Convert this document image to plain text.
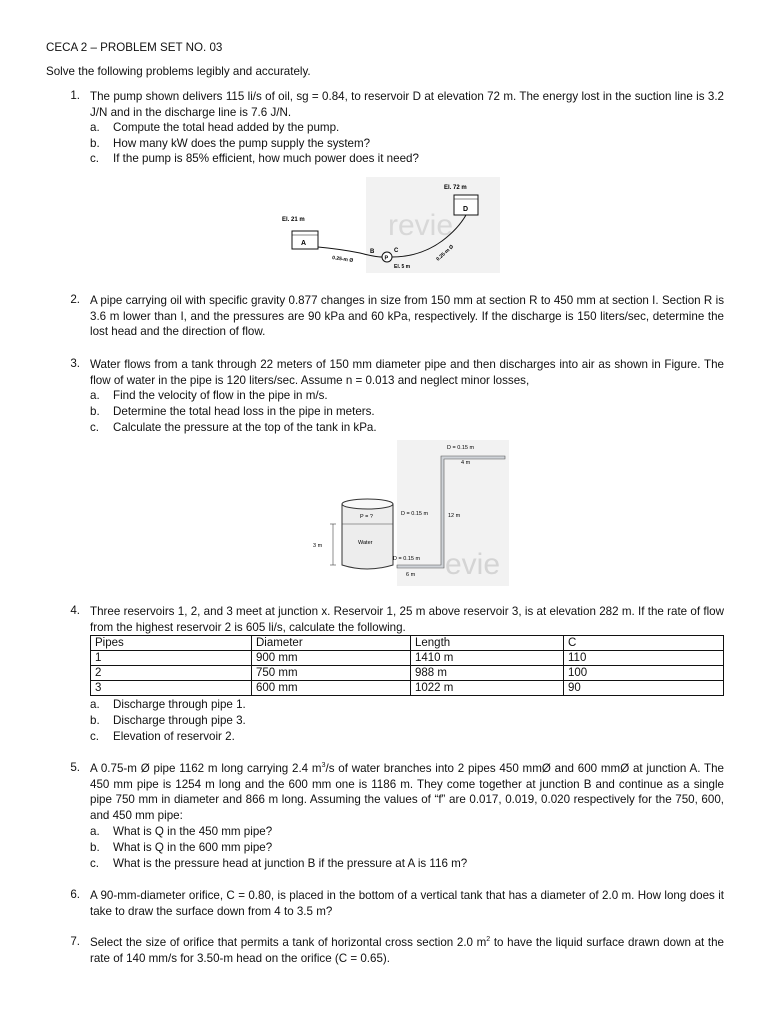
CECA 2 – PROBLEM SET NO. 03
Solve the following problems legibly and accurately.
1. The pump shown delivers 115 li/s of oil, sg = 0.84, to reservoir D at elevation 72 m. The energy lost in the suction line is 3.2 J/N and in the discharge line is 7.6 J/N.
a. Compute the total head added by the pump.
b. How many kW does the pump supply the system?
c. If the pump is 85% efficient, how much power does it need?
revie
El. 72 m
D
El. 21 m
A
P
B	C
0.25-m Ø
El. 5 m
0.25-m Ø
2. A pipe carrying oil with specific gravity 0.877 changes in size from 150 mm at section R to 450 mm at section I. Section R is 3.6 m lower than I, and the pressures are 90 kPa and 60 kPa, respectively. If the discharge is 150 liters/sec, determine the lost head and the direction of flow.
3. Water flows from a tank through 22 meters of 150 mm diameter pipe and then discharges into air as shown in Figure. The flow of water in the pipe is 120 liters/sec. Assume n = 0.013 and neglect minor losses,
a. Find the velocity of flow in the pipe in m/s.
b. Determine the total head loss in the pipe in meters.
c. Calculate the pressure at the top of the tank in kPa.
evie
D = 0.15 m
4 m
D = 0.15 m	12 m
D = 0.15 m
6 m
P = ?
Water
3 m
4. Three reservoirs 1, 2, and 3 meet at junction x. Reservoir 1, 25 m above reservoir 3, is at elevation 282 m. If the rate of flow from the highest reservoir 2 is 605 li/s, calculate the following.
Pipes	Diameter	Length	C
1	900 mm	1410 m	110
2	750 mm	988 m	100
3	600 mm	1022 m	90
a. Discharge through pipe 1.
b. Discharge through pipe 3.
c. Elevation of reservoir 2.
5. A 0.75-m Ø pipe 1162 m long carrying 2.4 $m^3/s$ of water branches into 2 pipes 450 mmØ and 600 mmØ at junction A. The 450 mm pipe is 1254 m long and the 600 mm one is 1186 m. They come together at junction B and continue as a single pipe 750 mm in diameter and 866 m long. Assuming the values of “f” are 0.017, 0.019, 0.020 respectively for the 750, 600, and 450 mm pipe:
a. What is Q in the 450 mm pipe?
b. What is Q in the 600 mm pipe?
c. What is the pressure head at junction B if the pressure at A is 116 m?
6. A 90-mm-diameter orifice, C = 0.80, is placed in the bottom of a vertical tank that has a diameter of 2.0 m. How long does it take to draw the surface down from 4 to 3.5 m?
7. Select the size of orifice that permits a tank of horizontal cross section 2.0 $m^2$ to have the liquid surface drawn down at the rate of 140 mm/s for 3.50-m head on the orifice (C = 0.65).
